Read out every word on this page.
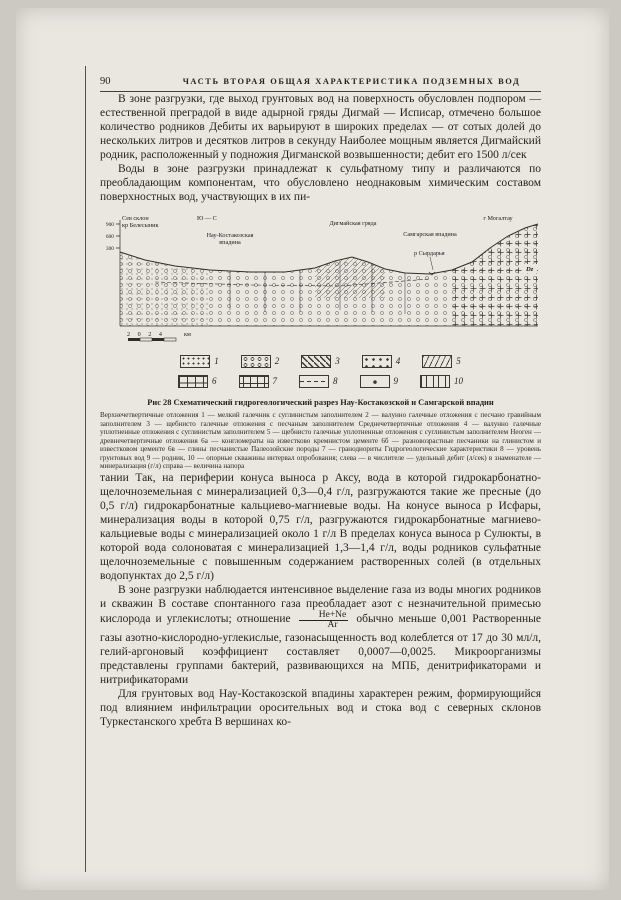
90	ЧАСТЬ ВТОРАЯ ОБЩАЯ ХАРАКТЕРИСТИКА ПОДЗЕМНЫХ ВОД

В зоне разгрузки, где выход грунтовых вод на поверхность обусловлен подпором — естественной преградой в виде адырной гряды Дигмай — Исписар, отмечено большое количество родников Дебиты их варьируют в широких пределах — от сотых долей до нескольких литров и десятков литров в секунду Наиболее мощным является Дигмайский родник, расположенный у подножия Дигманской возвышенности; дебит его 1500 л/сек

Воды в зоне разгрузки принадлежат к сульфатному типу и различаются по преобладающим компонентам, что обусловлено неоднаковым химическим составом поверхностных вод, участвующих в их пи-

900
600
300
Сев склон
кр Белесыник
Ю — С
Нау-Костакозская
впадина
Дигмайская гряда
Самгарская впадина
г Могалтау
р Сырдарья
Dz
2 0 2 4	км
1	2	3	4	5
6	7	8	9	10
Рис 28 Схематический гидрогеологический разрез Нау-Костакозской и Самгарской впадин
Верхнечетвертичные отложения 1 — мелкий галечник с суглинистым заполнителем 2 — валунно галечные отложения с песчано гравийным заполнителем 3 — щебнисто галечные отложения с песчаным заполнителем Среднечетвертичные отложения 4 — валунно галечные уплотненные отложения с суглинистым заполнителем 5 — щебнисто галечные уплотненные отложения с суглинистым заполнителем Неоген — древнечетвертичные отложения 6а — конгломераты на известково кремнистом цементе 6б — разновозрастные песчаники на глинистом и известковом цементе 6в — глины песчанистые Палеозойские породы 7 — гранодиориты Гидрогеологические характеристики 8 — уровень грунтовых вод 9 — родник, 10 — опорные скважины интервал опробования; слева — в числителе — удельный дебит (л/сек) в знаменателе — минерализация (г/л) справа — величина напора

тании Так, на периферии конуса выноса р Аксу, вода в которой гидрокарбонатно-щелочноземельная с минерализацией 0,3—0,4 г/л, разгружаются такие же пресные (до 0,5 г/л) гидрокарбонатные кальциево-магниевые воды. На конусе выноса р Исфары, минерализация воды в которой 0,75 г/л, разгружаются гидрокарбонатные магниево-кальциевые воды с минерализацией около 1 г/л В пределах конуса выноса р Сулюкты, в которой вода солоноватая с минерализацией 1,3—1,4 г/л, воды родников сульфатные щелочноземельные с повышенным содержанием растворенных солей (в отдельных водопунктах до 2,5 г/л)

В зоне разгрузки наблюдается интенсивное выделение газа из воды многих родников и скважин В составе спонтанного газа преобладает азот с незначительной примесью кислорода и углекислоты; отношение $\frac{He+Ne}{Ar}$ обычно меньше 0,001 Растворенные газы азотно-кислородно-углекислые, газонасыщенность вод колеблется от 17 до 30 мл/л, гелий-аргоновый коэффициент составляет 0,0007—0,0025. Микроорганизмы представлены группами бактерий, развивающихся на МПБ, денитрификаторами и нитрификаторами

Для грунтовых вод Нау-Костакозской впадины характерен режим, формирующийся под влиянием инфильтрации оросительных вод и стока вод с северных склонов Туркестанского хребта В вершинах ко-
